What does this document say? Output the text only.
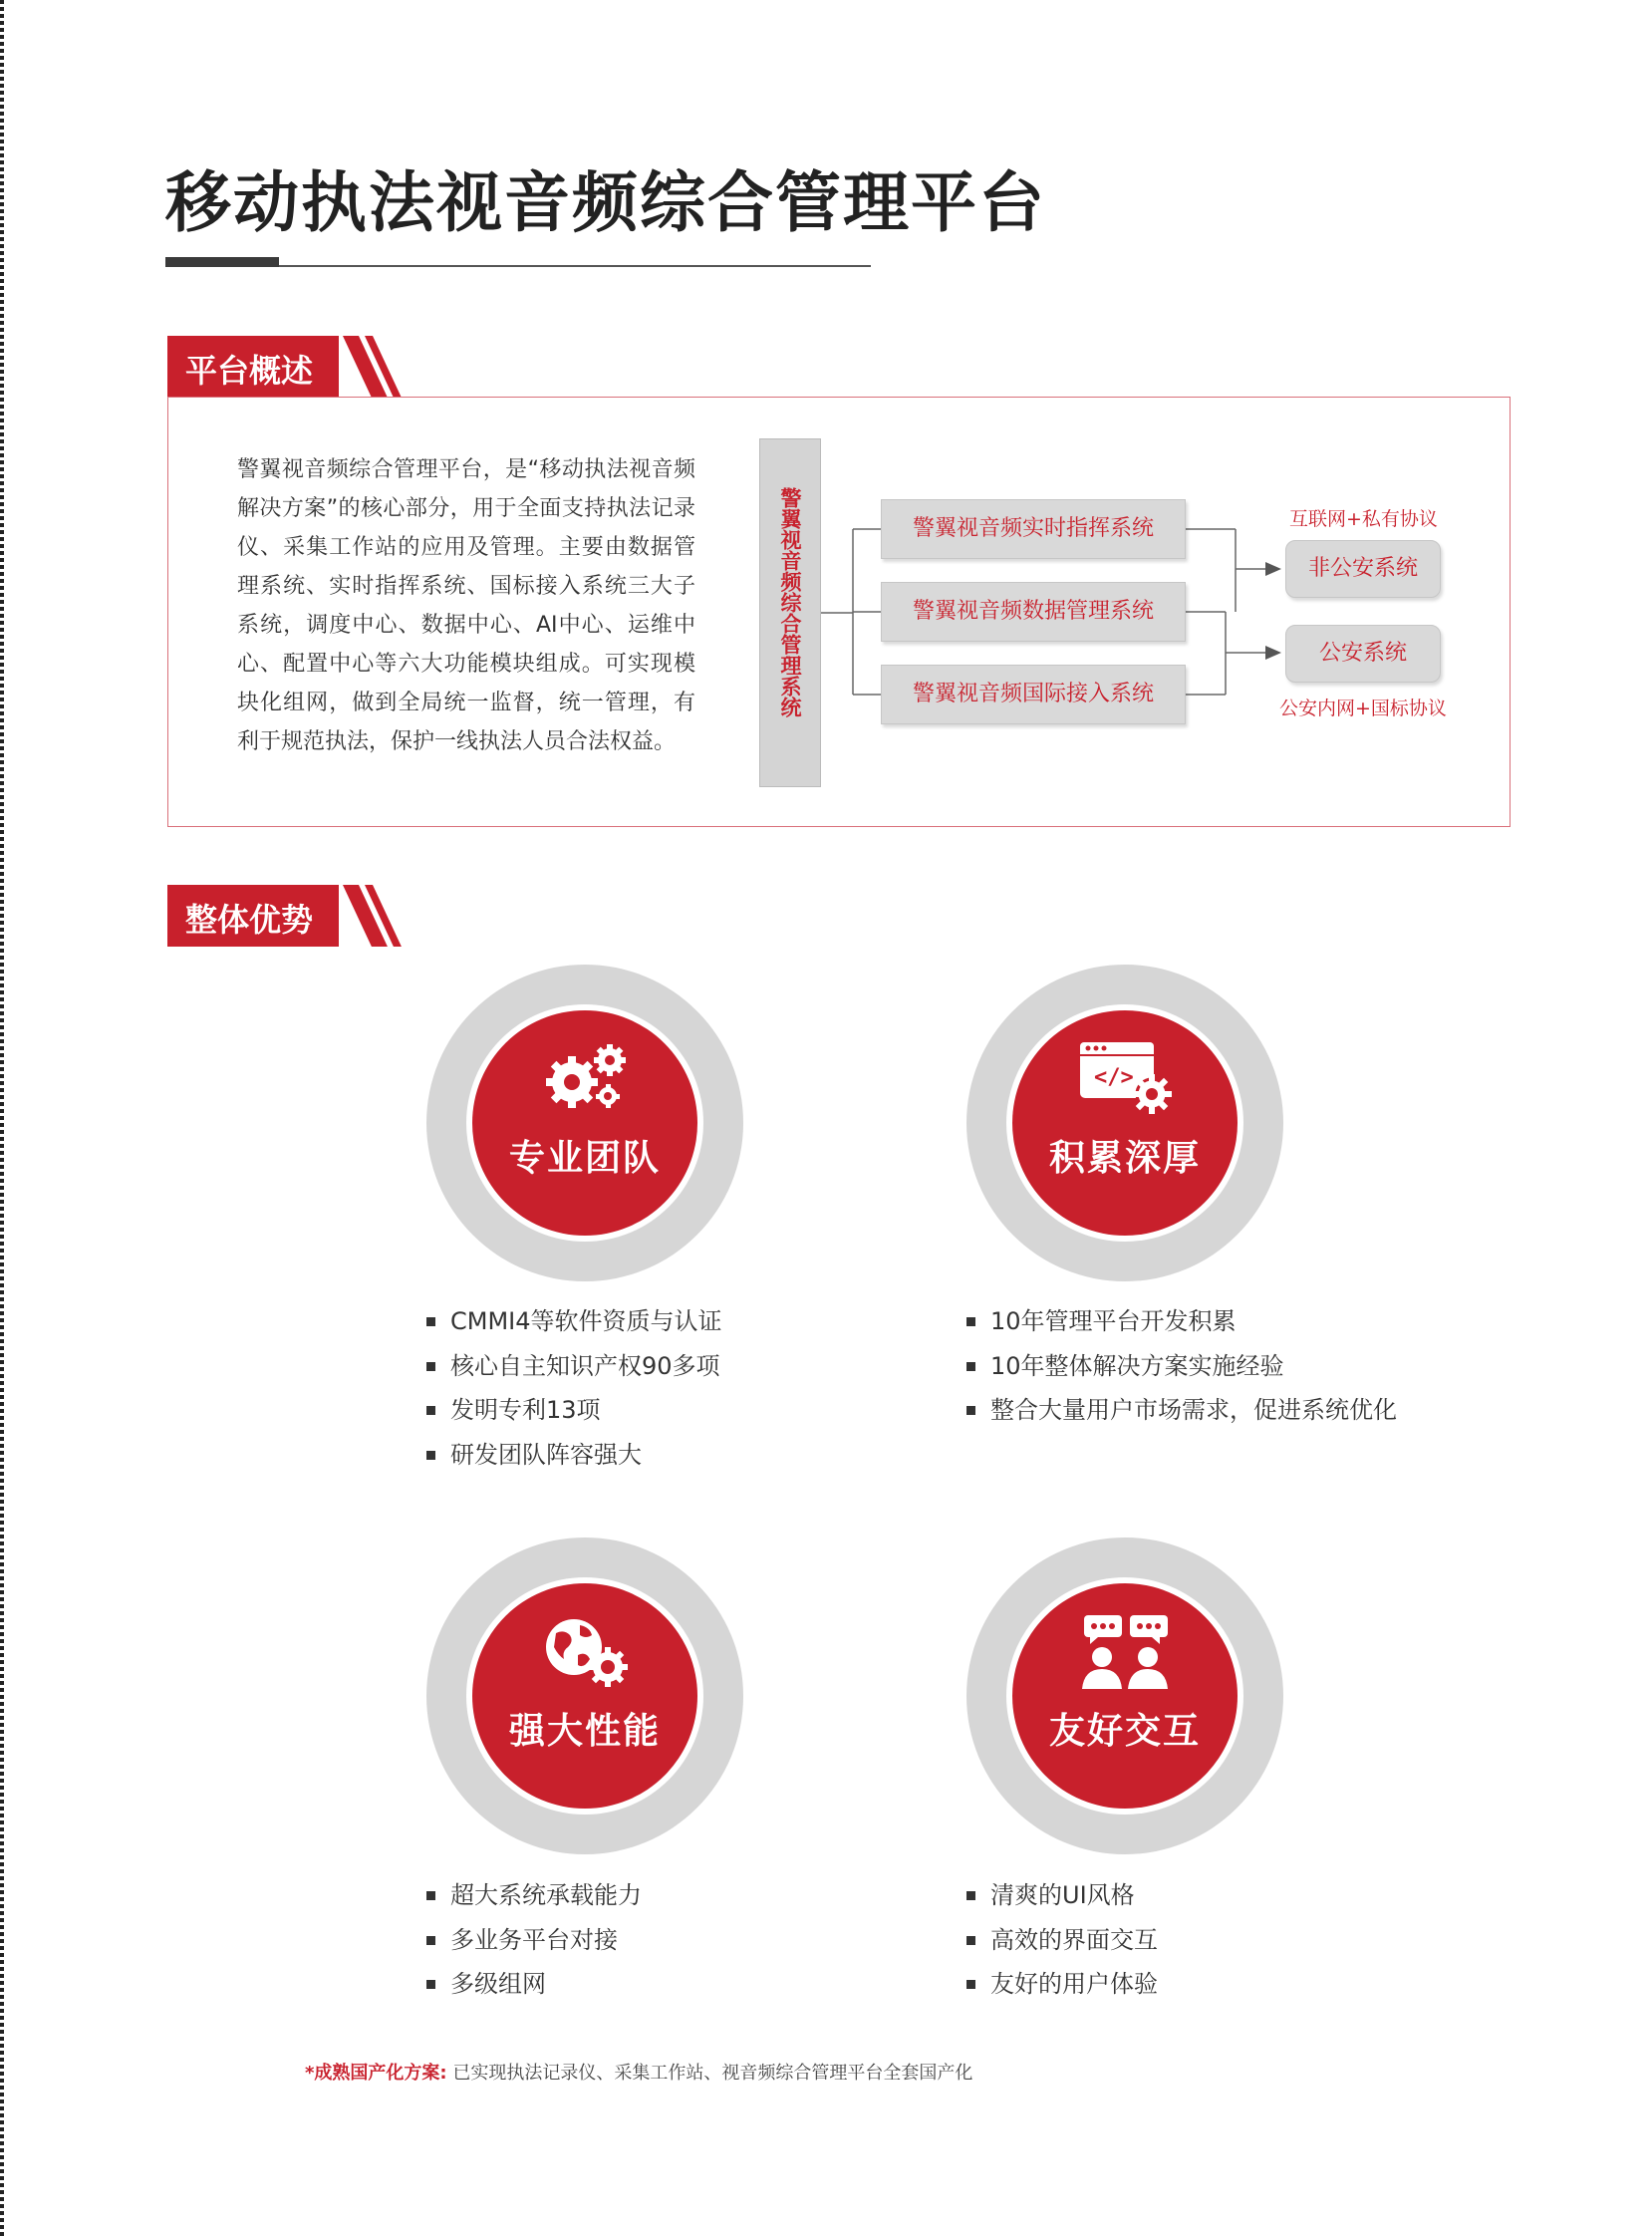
移动执法视音频综合管理平台
平台概述
警翼视音频综合管理平台，是“移动执法视音频解决方案”的核心部分，用于全面支持执法记录仪、采集工作站的应用及管理。主要由数据管理系统、实时指挥系统、国标接入系统三大子系统，调度中心、数据中心、AI中心、运维中心、配置中心等六大功能模块组成。可实现模块化组网，做到全局统一监督，统一管理，有利于规范执法，保护一线执法人员合法权益。
警翼视音频综合管理系统	警翼视音频实时指挥系统
警翼视音频数据管理系统
警翼视音频国际接入系统
互联网+私有协议
非公安系统
公安系统
公安内网+国标协议
整体优势
专业团队
CMMI4等软件资质与认证
核心自主知识产权90多项
发明专利13项
研发团队阵容强大
</>
积累深厚
10年管理平台开发积累
10年整体解决方案实施经验
整合大量用户市场需求，促进系统优化
强大性能
超大系统承载能力
多业务平台对接
多级组网
友好交互
清爽的UI风格
高效的界面交互
友好的用户体验
*成熟国产化方案: 已实现执法记录仪、采集工作站、视音频综合管理平台全套国产化
